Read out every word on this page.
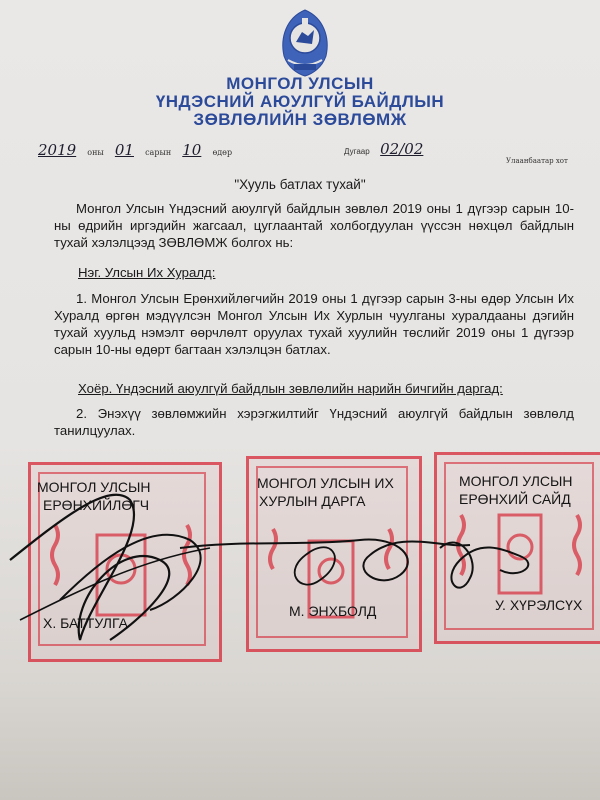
МОНГОЛ УЛСЫН
ҮНДЭСНИЙ АЮУЛГҮЙ БАЙДЛЫН
ЗӨВЛӨЛИЙН ЗӨВЛӨМЖ
2019 оны 01 сарын 10 өдөр	Дугаар 02/02
Улаанбаатар хот
"Хууль батлах тухай"
Монгол Улсын Үндэсний аюулгүй байдлын зөвлөл 2019 оны 1 дүгээр сарын 10-ны өдрийн иргэдийн жагсаал, цуглаантай холбогдуулан үүссэн нөхцөл байдлын тухай хэлэлцээд ЗӨВЛӨМЖ болгох нь:
Нэг. Улсын Их Хуралд:
1. Монгол Улсын Ерөнхийлөгчийн 2019 оны 1 дүгээр сарын 3-ны өдөр Улсын Их Хуралд өргөн мэдүүлсэн Монгол Улсын Их Хурлын чуулганы хуралдааны дэгийн тухай хуульд нэмэлт өөрчлөлт оруулах тухай хуулийн төслийг 2019 оны 1 дүгээр сарын 10-ны өдөрт багтаан хэлэлцэн батлах.
Хоёр. Үндэсний аюулгүй байдлын зөвлөлийн нарийн бичгийн даргад:
2. Энэхүү зөвлөмжийн хэрэгжилтийг Үндэсний аюулгүй байдлын зөвлөлд танилцуулах.
МОНГОЛ УЛСЫН
ЕРӨНХИЙЛӨГЧ
Х. БАТТУЛГА
МОНГОЛ УЛСЫН ИХ
ХУРЛЫН ДАРГА
М. ЭНХБОЛД
МОНГОЛ УЛСЫН
ЕРӨНХИЙ САЙД
У. ХҮРЭЛСҮХ
